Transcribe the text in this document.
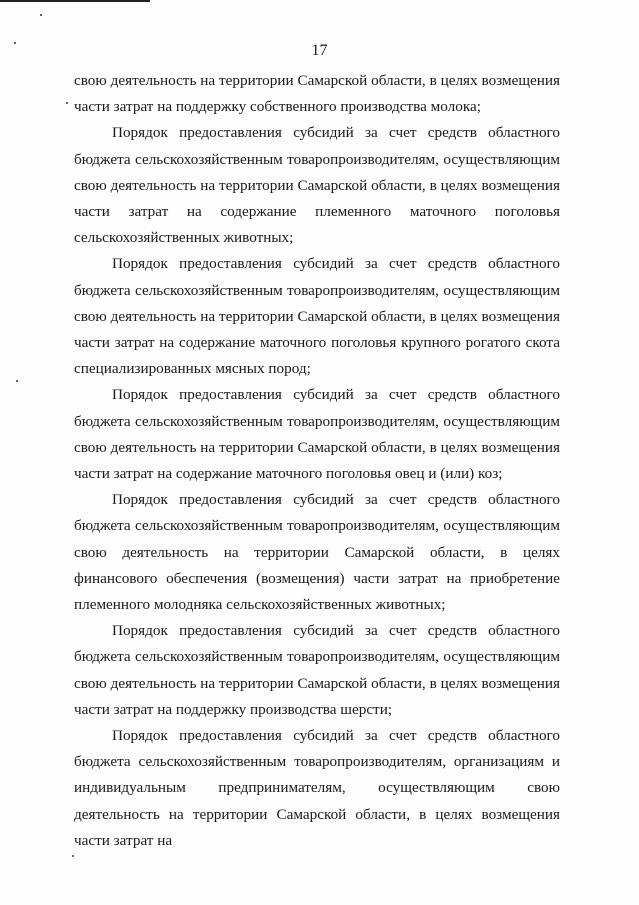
17

свою деятельность на территории Самарской области, в целях возмещения части затрат на поддержку собственного производства молока;

Порядок предоставления субсидий за счет средств областного бюджета сельскохозяйственным товаропроизводителям, осуществляющим свою деятельность на территории Самарской области, в целях возмещения части затрат на содержание племенного маточного поголовья сельскохозяйственных животных;

Порядок предоставления субсидий за счет средств областного бюджета сельскохозяйственным товаропроизводителям, осуществляющим свою деятельность на территории Самарской области, в целях возмещения части затрат на содержание маточного поголовья крупного рогатого скота специализированных мясных пород;

Порядок предоставления субсидий за счет средств областного бюджета сельскохозяйственным товаропроизводителям, осуществляющим свою деятельность на территории Самарской области, в целях возмещения части затрат на содержание маточного поголовья овец и (или) коз;

Порядок предоставления субсидий за счет средств областного бюджета сельскохозяйственным товаропроизводителям, осуществляющим свою деятельность на территории Самарской области, в целях финансового обеспечения (возмещения) части затрат на приобретение племенного молодняка сельскохозяйственных животных;

Порядок предоставления субсидий за счет средств областного бюджета сельскохозяйственным товаропроизводителям, осуществляющим свою деятельность на территории Самарской области, в целях возмещения части затрат на поддержку производства шерсти;

Порядок предоставления субсидий за счет средств областного бюджета сельскохозяйственным товаропроизводителям, организациям и индивидуальным предпринимателям, осуществляющим свою деятельность на территории Самарской области, в целях возмещения части затрат на
